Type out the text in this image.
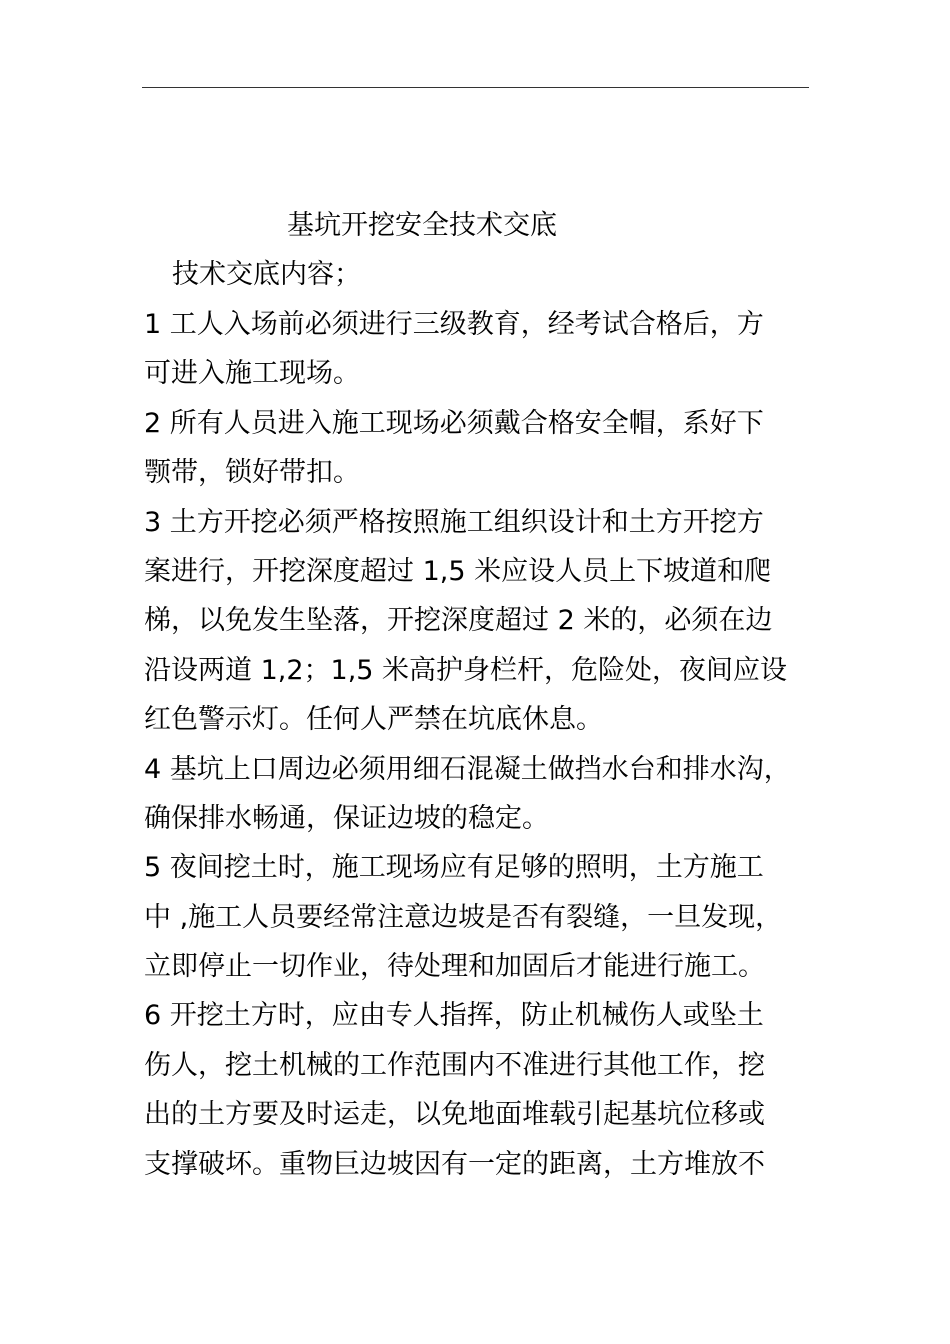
基坑开挖安全技术交底
技术交底内容；
1 工人入场前必须进行三级教育，经考试合格后，方
可进入施工现场。
2 所有人员进入施工现场必须戴合格安全帽，系好下
颚带，锁好带扣。
3 土方开挖必须严格按照施工组织设计和土方开挖方
案进行，开挖深度超过 1,5 米应设人员上下坡道和爬
梯，以免发生坠落，开挖深度超过 2 米的，必须在边
沿设两道 1,2；1,5 米高护身栏杆，危险处，夜间应设
红色警示灯。任何人严禁在坑底休息。
4 基坑上口周边必须用细石混凝土做挡水台和排水沟，
确保排水畅通，保证边坡的稳定。
5 夜间挖土时，施工现场应有足够的照明，土方施工
中 ,施工人员要经常注意边坡是否有裂缝，一旦发现，
立即停止一切作业，待处理和加固后才能进行施工。
6 开挖土方时，应由专人指挥，防止机械伤人或坠土
伤人，挖土机械的工作范围内不准进行其他工作，挖
出的土方要及时运走，以免地面堆载引起基坑位移或
支撑破坏。重物巨边坡因有一定的距离，土方堆放不
